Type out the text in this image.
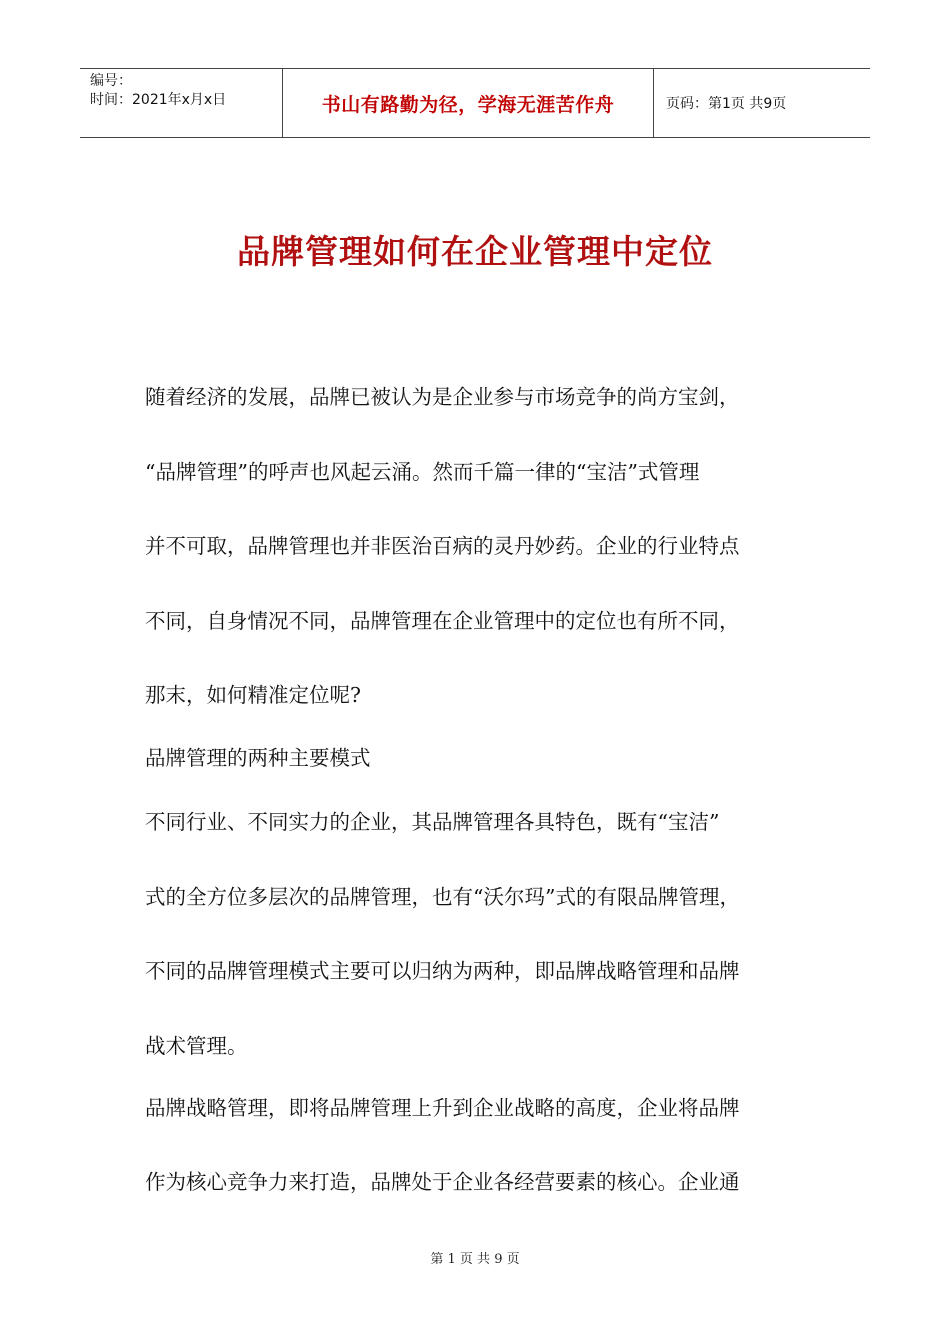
编号：
时间：2021年x月x日	书山有路勤为径，学海无涯苦作舟	页码：第1页 共9页
品牌管理如何在企业管理中定位
随着经济的发展，品牌已被认为是企业参与市场竞争的尚方宝剑，
“品牌管理”的呼声也风起云涌。然而千篇一律的“宝洁”式管理
并不可取，品牌管理也并非医治百病的灵丹妙药。企业的行业特点
不同，自身情况不同，品牌管理在企业管理中的定位也有所不同，
那末，如何精准定位呢?
品牌管理的两种主要模式
不同行业、不同实力的企业，其品牌管理各具特色，既有“宝洁”
式的全方位多层次的品牌管理，也有“沃尔玛”式的有限品牌管理，
不同的品牌管理模式主要可以归纳为两种，即品牌战略管理和品牌
战术管理。
品牌战略管理，即将品牌管理上升到企业战略的高度，企业将品牌
作为核心竞争力来打造，品牌处于企业各经营要素的核心。企业通
第 1 页 共 9 页
